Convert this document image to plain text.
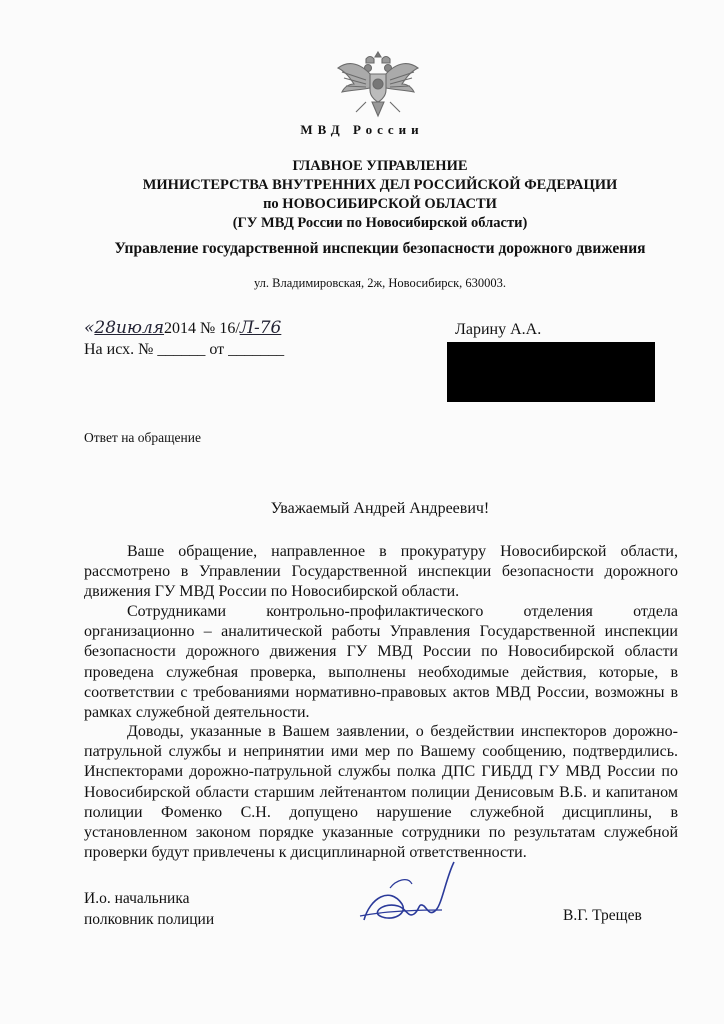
МВД России
ГЛАВНОЕ УПРАВЛЕНИЕ
МИНИСТЕРСТВА ВНУТРЕННИХ ДЕЛ РОССИЙСКОЙ ФЕДЕРАЦИИ
по НОВОСИБИРСКОЙ ОБЛАСТИ
(ГУ МВД России по Новосибирской области)
Управление государственной инспекции безопасности дорожного движения
ул. Владимировская, 2ж, Новосибирск, 630003.
«28июля2014 № 16/Л-76
На исх. № ______ от _______
Ларину А.А.
Ответ на обращение
Уважаемый Андрей Андреевич!

Ваше обращение, направленное в прокуратуру Новосибирской области, рассмотрено в Управлении Государственной инспекции безопасности дорожного движения ГУ МВД России по Новосибирской области.

Сотрудниками контрольно-профилактического отделения отдела организационно – аналитической работы Управления Государственной инспекции безопасности дорожного движения ГУ МВД России по Новосибирской области проведена служебная проверка, выполнены необходимые действия, которые, в соответствии с требованиями нормативно-правовых актов МВД России, возможны в рамках служебной деятельности.

Доводы, указанные в Вашем заявлении, о бездействии инспекторов дорожно-патрульной службы и непринятии ими мер по Вашему сообщению, подтвердились. Инспекторами дорожно-патрульной службы полка ДПС ГИБДД ГУ МВД России по Новосибирской области старшим лейтенантом полиции Денисовым В.Б. и капитаном полиции Фоменко С.Н. допущено нарушение служебной дисциплины, в установленном законом порядке указанные сотрудники по результатам служебной проверки будут привлечены к дисциплинарной ответственности.

И.о. начальника
полковник полиции	В.Г. Трещев
